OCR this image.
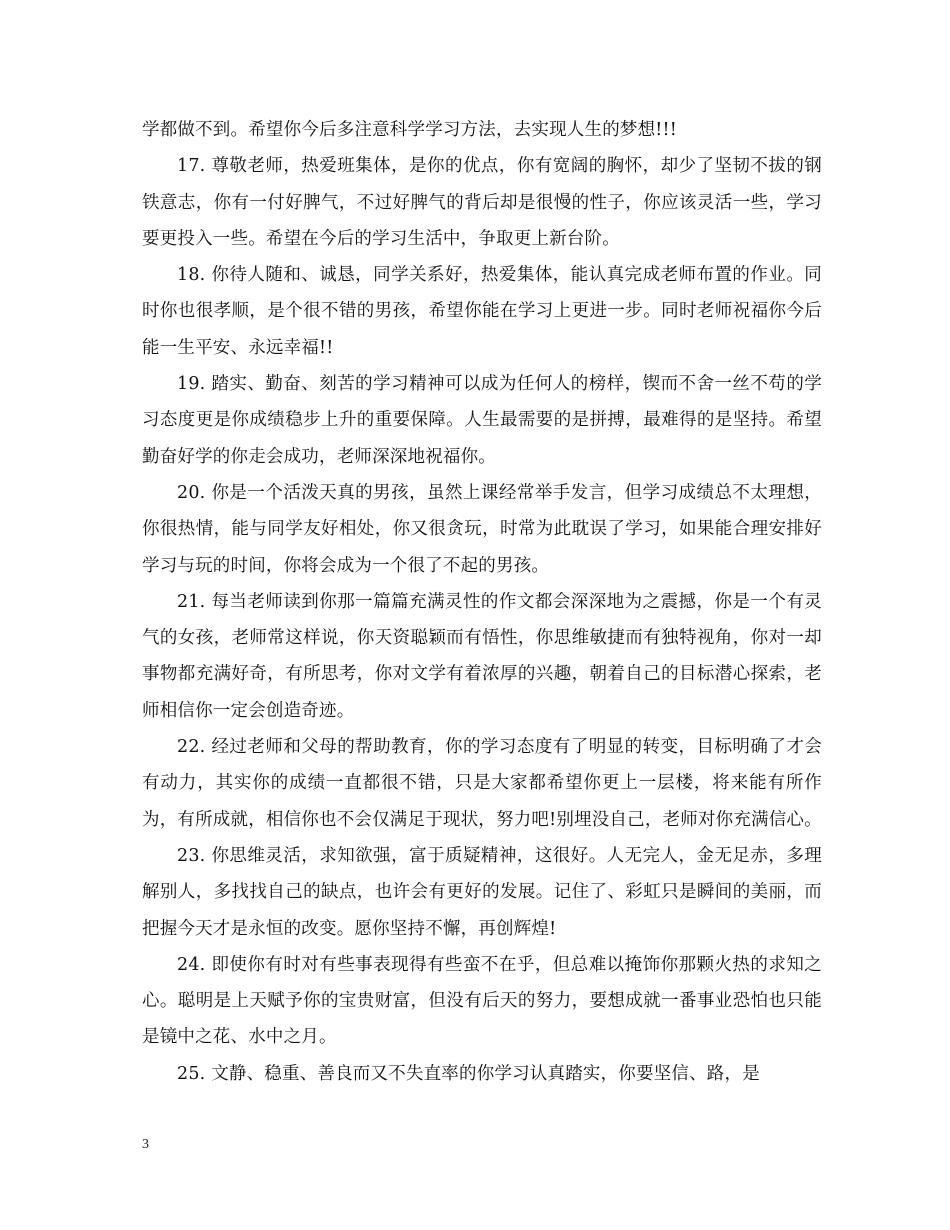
学都做不到。希望你今后多注意科学学习方法，去实现人生的梦想!!!

17. 尊敬老师，热爱班集体，是你的优点，你有宽阔的胸怀，却少了坚韧不拔的钢铁意志，你有一付好脾气，不过好脾气的背后却是很慢的性子，你应该灵活一些，学习要更投入一些。希望在今后的学习生活中，争取更上新台阶。

18. 你待人随和、诚恳，同学关系好，热爱集体，能认真完成老师布置的作业。同时你也很孝顺，是个很不错的男孩，希望你能在学习上更进一步。同时老师祝福你今后能一生平安、永远幸福!!

19. 踏实、勤奋、刻苦的学习精神可以成为任何人的榜样，锲而不舍一丝不苟的学习态度更是你成绩稳步上升的重要保障。人生最需要的是拼搏，最难得的是坚持。希望勤奋好学的你走会成功，老师深深地祝福你。

20. 你是一个活泼天真的男孩，虽然上课经常举手发言，但学习成绩总不太理想，你很热情，能与同学友好相处，你又很贪玩，时常为此耽误了学习，如果能合理安排好学习与玩的时间，你将会成为一个很了不起的男孩。

21. 每当老师读到你那一篇篇充满灵性的作文都会深深地为之震撼，你是一个有灵气的女孩，老师常这样说，你天资聪颖而有悟性，你思维敏捷而有独特视角，你对一却事物都充满好奇，有所思考，你对文学有着浓厚的兴趣，朝着自己的目标潜心探索，老师相信你一定会创造奇迹。

22. 经过老师和父母的帮助教育，你的学习态度有了明显的转变，目标明确了才会有动力，其实你的成绩一直都很不错，只是大家都希望你更上一层楼，将来能有所作为，有所成就，相信你也不会仅满足于现状，努力吧!别埋没自己，老师对你充满信心。

23. 你思维灵活，求知欲强，富于质疑精神，这很好。人无完人，金无足赤，多理解别人，多找找自己的缺点，也许会有更好的发展。记住了、彩虹只是瞬间的美丽，而把握今天才是永恒的改变。愿你坚持不懈，再创辉煌!

24. 即使你有时对有些事表现得有些蛮不在乎，但总难以掩饰你那颗火热的求知之心。聪明是上天赋予你的宝贵财富，但没有后天的努力，要想成就一番事业恐怕也只能是镜中之花、水中之月。

25. 文静、稳重、善良而又不失直率的你学习认真踏实，你要坚信、路，是

3
